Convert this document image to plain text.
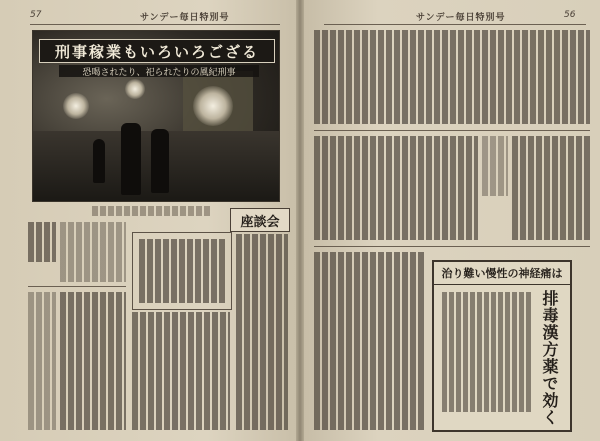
57	サンデー毎日特別号
刑事稼業もいろいろござる
恐喝されたり、祀られたりの風紀刑事
座談会
サンデー毎日特別号	56
治り難い慢性の神経痛は
排毒漢方薬で効く
